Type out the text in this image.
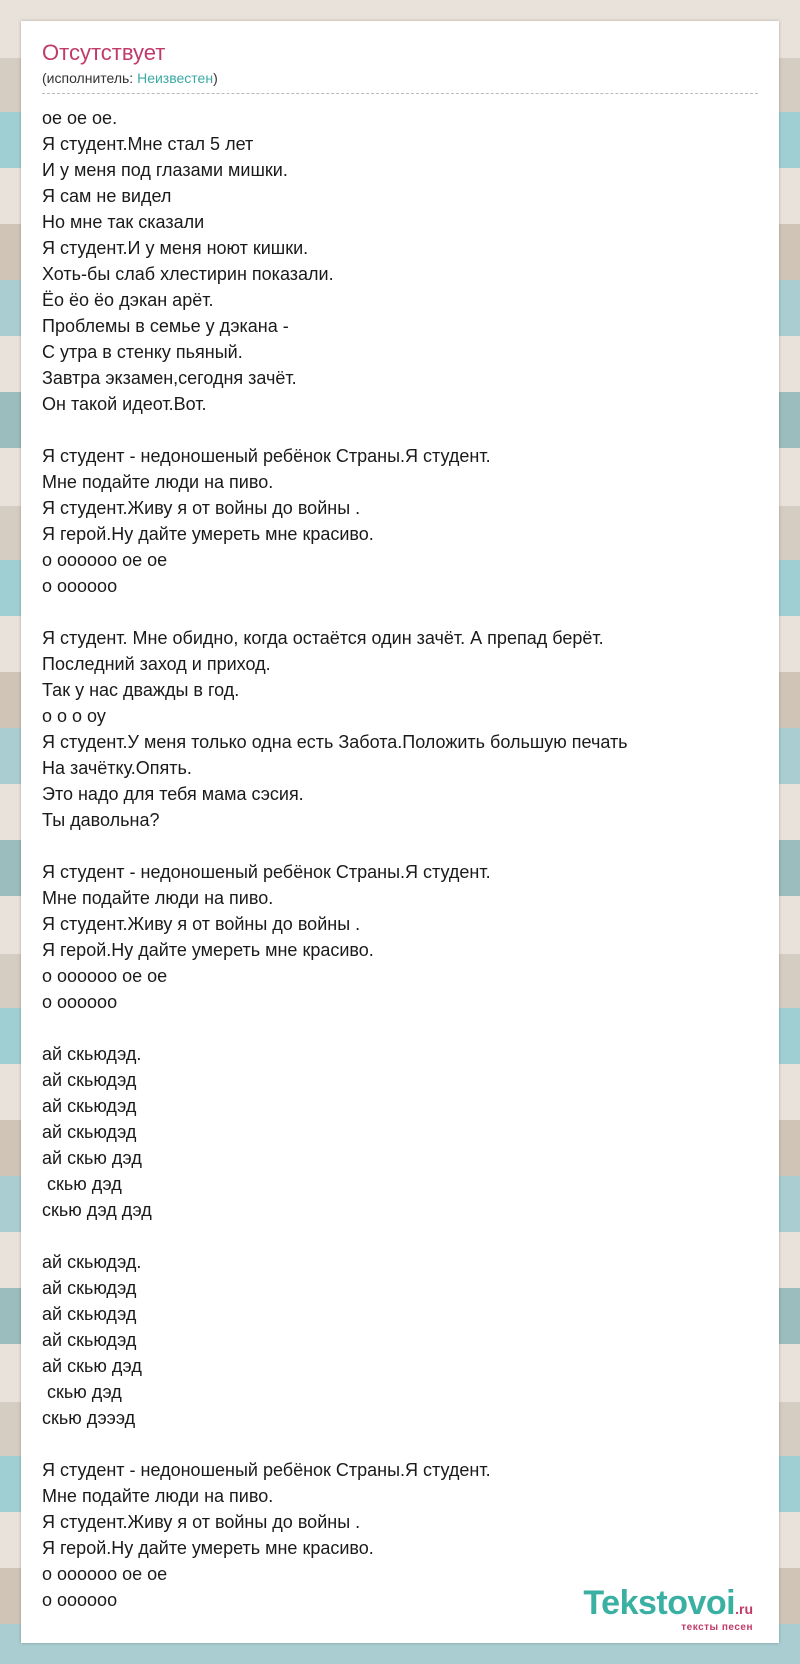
Отсутствует
(исполнитель: Неизвестен)
ое ое ое.
Я студент.Мне стал 5 лет
И у меня под глазами мишки.
Я сам не видел
Но мне так сказали
Я студент.И у меня ноют кишки.
Хоть-бы слаб хлестирин показали.
Ёо ёо ёо дэкан арёт.
Проблемы в семье у дэкана -
С утра в стенку пьяный.
Завтра экзамен,сегодня зачёт.
Он такой идеот.Вот.
Я студент - недоношеный ребёнок Страны.Я студент.
Мне подайте люди на пиво.
Я студент.Живу я от войны до войны .
Я герой.Ну дайте умереть мне красиво.
о оооооо ое ое
о оооооо
Я студент. Мне обидно, когда остаётся один зачёт. А препад берёт.
Последний заход и приход.
Так у нас дважды в год.
о о о оу
Я студент.У меня только одна есть Забота.Положить большую печать
На зачётку.Опять.
Это надо для тебя мама сэсия.
Ты давольна?
Я студент - недоношеный ребёнок Страны.Я студент.
Мне подайте люди на пиво.
Я студент.Живу я от войны до войны .
Я герой.Ну дайте умереть мне красиво.
о оооооо ое ое
о оооооо
ай скьюдэд.
ай скьюдэд
ай скьюдэд
ай скьюдэд
ай скью дэд
скью дэд
скью дэд дэд
ай скьюдэд.
ай скьюдэд
ай скьюдэд
ай скьюдэд
ай скью дэд
скью дэд
скью дэээд
Я студент - недоношеный ребёнок Страны.Я студент.
Мне подайте люди на пиво.
Я студент.Живу я от войны до войны .
Я герой.Ну дайте умереть мне красиво.
о оооооо ое ое
о оооооо	Tekstovoi.ru
тексты песен
